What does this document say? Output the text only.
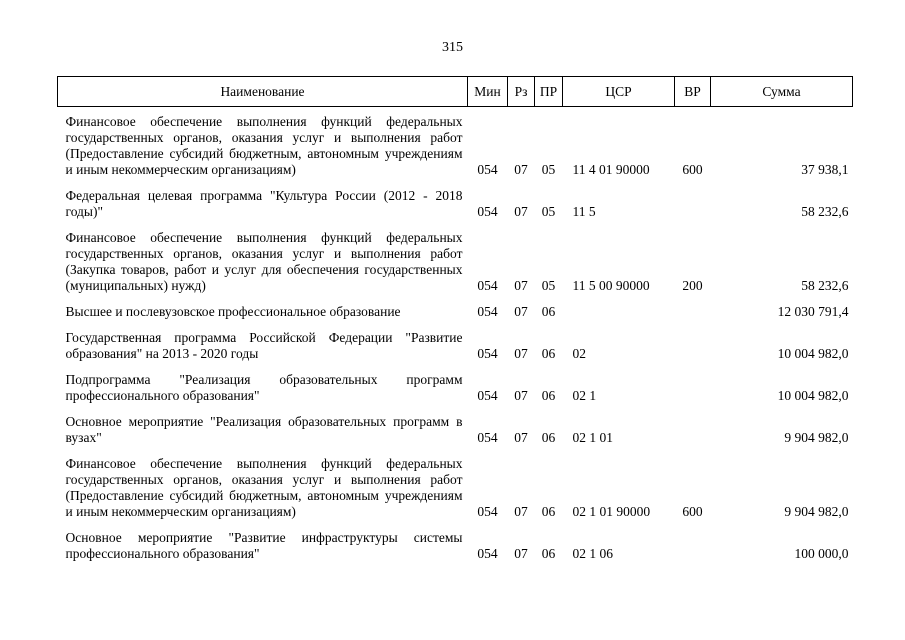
315
Наименование	Мин	Рз	ПР	ЦСР	ВР	Сумма
Финансовое обеспечение выполнения функций федеральных государственных органов, оказания услуг и выполнения работ (Предоставление субсидий бюджетным, автономным учреждениям и иным некоммерческим организациям)	054	07	05	11 4 01 90000	600	37 938,1
Федеральная целевая программа "Культура России (2012 - 2018 годы)"	054	07	05	11 5		58 232,6
Финансовое обеспечение выполнения функций федеральных государственных органов, оказания услуг и выполнения работ (Закупка товаров, работ и услуг для обеспечения государственных (муниципальных) нужд)	054	07	05	11 5 00 90000	200	58 232,6
Высшее и послевузовское профессиональное образование	054	07	06			12 030 791,4
Государственная программа Российской Федерации "Развитие образования" на 2013 - 2020 годы	054	07	06	02		10 004 982,0
Подпрограмма "Реализация образовательных программ профессионального образования"	054	07	06	02 1		10 004 982,0
Основное мероприятие "Реализация образовательных программ в вузах"	054	07	06	02 1 01		9 904 982,0
Финансовое обеспечение выполнения функций федеральных государственных органов, оказания услуг и выполнения работ (Предоставление субсидий бюджетным, автономным учреждениям и иным некоммерческим организациям)	054	07	06	02 1 01 90000	600	9 904 982,0
Основное мероприятие "Развитие инфраструктуры системы профессионального образования"	054	07	06	02 1 06		100 000,0
